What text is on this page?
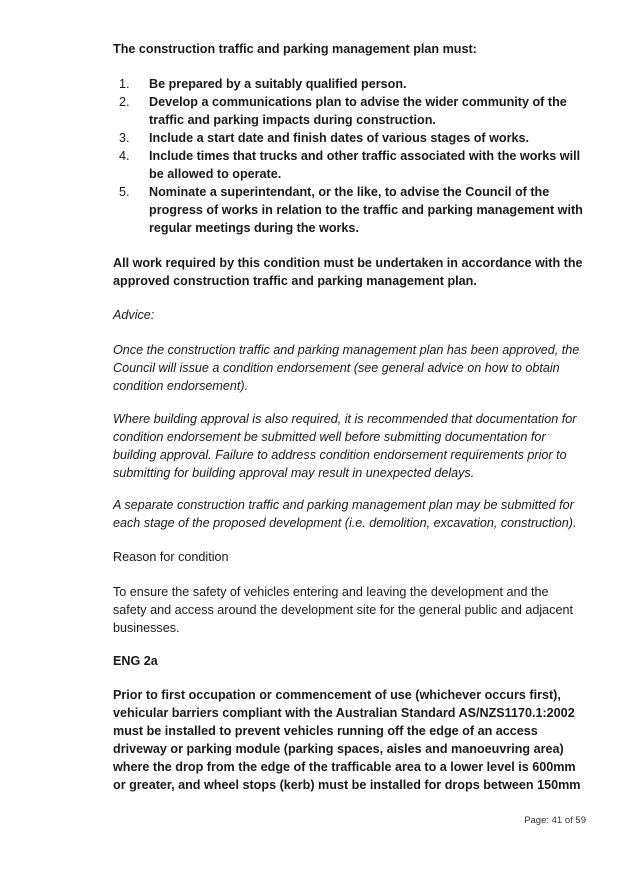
The construction traffic and parking management plan must:

1. Be prepared by a suitably qualified person.
2. Develop a communications plan to advise the wider community of the traffic and parking impacts during construction.
3. Include a start date and finish dates of various stages of works.
4. Include times that trucks and other traffic associated with the works will be allowed to operate.
5. Nominate a superintendant, or the like, to advise the Council of the progress of works in relation to the traffic and parking management with regular meetings during the works.

All work required by this condition must be undertaken in accordance with the approved construction traffic and parking management plan.

Advice:

Once the construction traffic and parking management plan has been approved, the Council will issue a condition endorsement (see general advice on how to obtain condition endorsement).

Where building approval is also required, it is recommended that documentation for condition endorsement be submitted well before submitting documentation for building approval. Failure to address condition endorsement requirements prior to submitting for building approval may result in unexpected delays.

A separate construction traffic and parking management plan may be submitted for each stage of the proposed development (i.e. demolition, excavation, construction).

Reason for condition

To ensure the safety of vehicles entering and leaving the development and the safety and access around the development site for the general public and adjacent businesses.

ENG 2a

Prior to first occupation or commencement of use (whichever occurs first), vehicular barriers compliant with the Australian Standard AS/NZS1170.1:2002 must be installed to prevent vehicles running off the edge of an access driveway or parking module (parking spaces, aisles and manoeuvring area) where the drop from the edge of the trafficable area to a lower level is 600mm or greater, and wheel stops (kerb) must be installed for drops between 150mm

Page: 41 of 59
